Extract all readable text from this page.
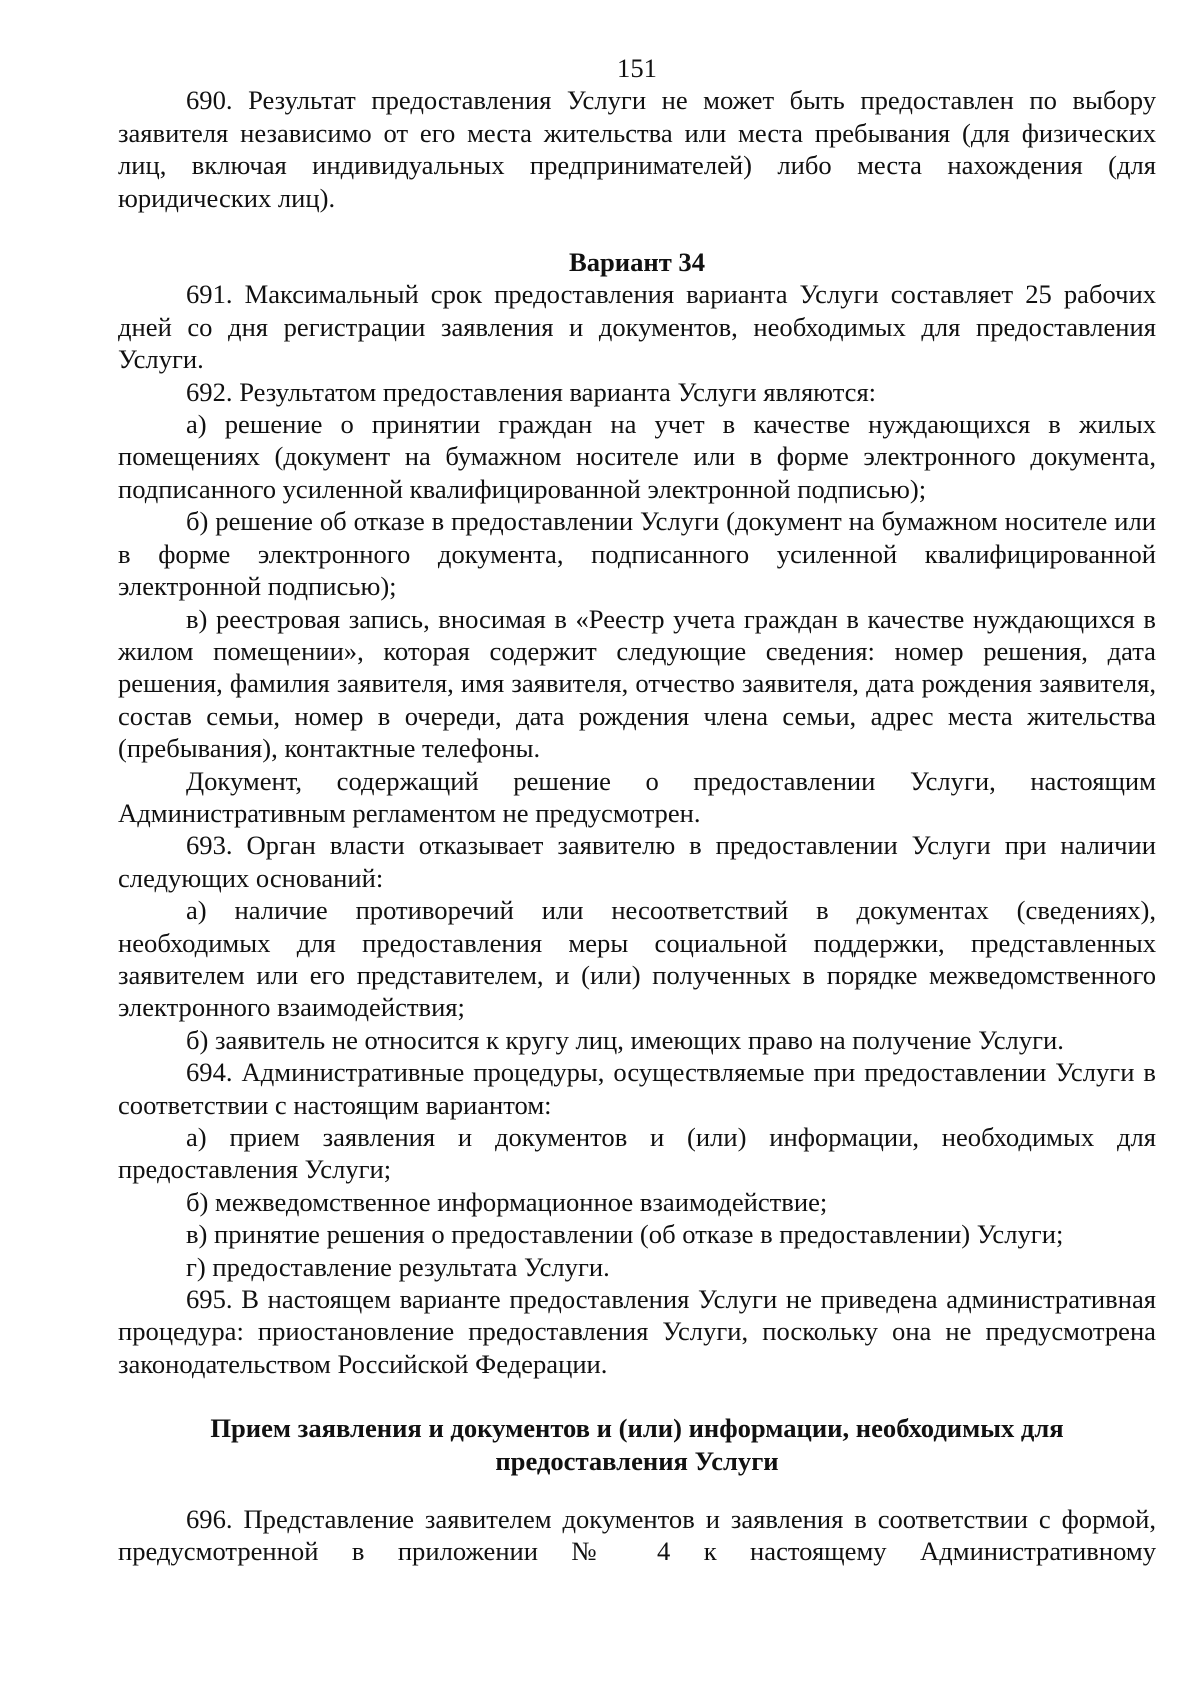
151

690. Результат предоставления Услуги не может быть предоставлен по выбору заявителя независимо от его места жительства или места пребывания (для физических лиц, включая индивидуальных предпринимателей) либо места нахождения (для юридических лиц).

Вариант 34

691. Максимальный срок предоставления варианта Услуги составляет 25 рабочих дней со дня регистрации заявления и документов, необходимых для предоставления Услуги.

692. Результатом предоставления варианта Услуги являются:

а) решение о принятии граждан на учет в качестве нуждающихся в жилых помещениях (документ на бумажном носителе или в форме электронного документа, подписанного усиленной квалифицированной электронной подписью);

б) решение об отказе в предоставлении Услуги (документ на бумажном носителе или в форме электронного документа, подписанного усиленной квалифицированной электронной подписью);

в) реестровая запись, вносимая в «Реестр учета граждан в качестве нуждающихся в жилом помещении», которая содержит следующие сведения: номер решения, дата решения, фамилия заявителя, имя заявителя, отчество заявителя, дата рождения заявителя, состав семьи, номер в очереди, дата рождения члена семьи, адрес места жительства (пребывания), контактные телефоны.

Документ, содержащий решение о предоставлении Услуги, настоящим Административным регламентом не предусмотрен.

693. Орган власти отказывает заявителю в предоставлении Услуги при наличии следующих оснований:

а) наличие противоречий или несоответствий в документах (сведениях), необходимых для предоставления меры социальной поддержки, представленных заявителем или его представителем, и (или) полученных в порядке межведомственного электронного взаимодействия;

б) заявитель не относится к кругу лиц, имеющих право на получение Услуги.

694. Административные процедуры, осуществляемые при предоставлении Услуги в соответствии с настоящим вариантом:

а) прием заявления и документов и (или) информации, необходимых для предоставления Услуги;

б) межведомственное информационное взаимодействие;

в) принятие решения о предоставлении (об отказе в предоставлении) Услуги;

г) предоставление результата Услуги.

695. В настоящем варианте предоставления Услуги не приведена административная процедура: приостановление предоставления Услуги, поскольку она не предусмотрена законодательством Российской Федерации.

Прием заявления и документов и (или) информации, необходимых для

предоставления Услуги

696. Представление заявителем документов и заявления в соответствии с формой, предусмотренной в приложении № 4 к настоящему Административному
